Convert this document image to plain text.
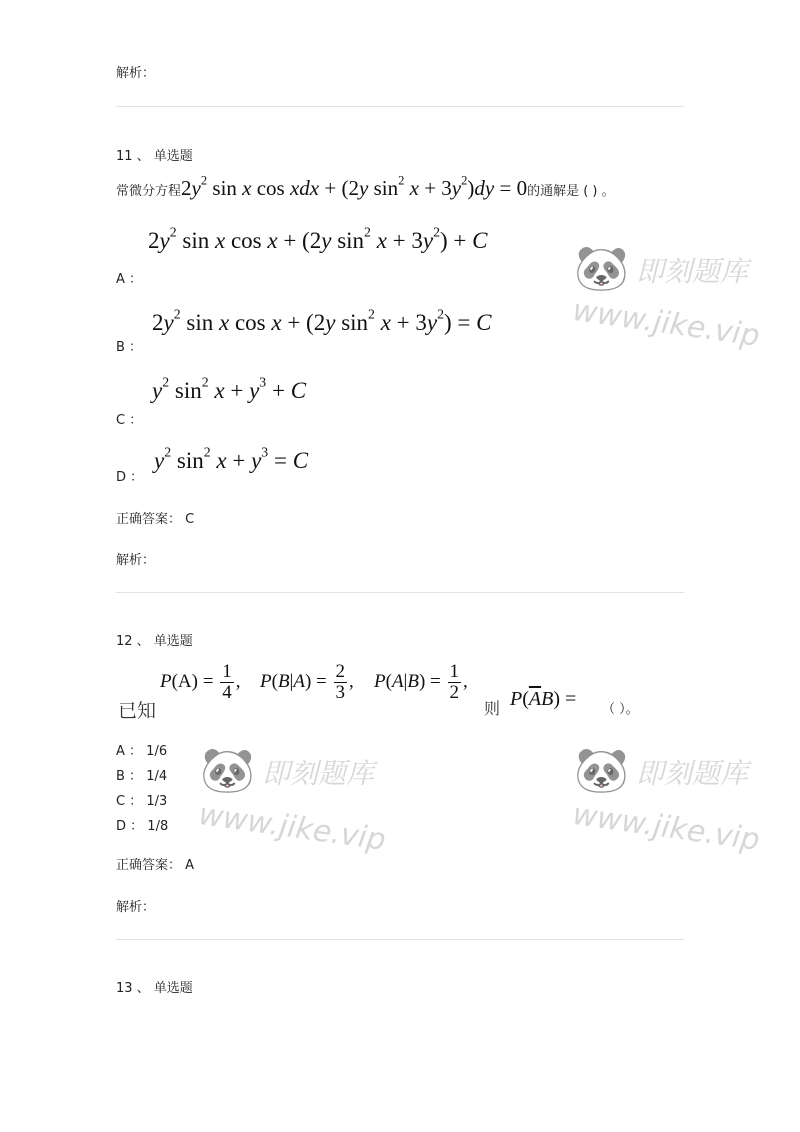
解析：
11 、 单选题
常微分方程$2y^2$ sin x cos xdx + (2y $\sin^2 x + 3y^2)dy = 0$的通解是 ( ) 。
$2y^2$ sin x cos x + (2y $\sin^2 x + 3y^2) + C$
A ：
$2y^2$ sin x cos x + (2y $\sin^2 x + 3y^2) = C$
B ：
$y^2$ $\sin^2 x + y^3 + C$
C ：
D ：
$y^2$ $\sin^2 x + y^3 = C$
正确答案： C
解析：
12 、 单选题
已知
$P(A) = \frac{1}{4}$ , $P(B|A) = \frac{2}{3}$ , $P(A|B) = \frac{1}{2}$ ,
则 $P(\overline{A}B)$ = （ ）。
A ： 1/6
B ： 1/4
C ： 1/3
D ： 1/8
正确答案： A
解析：
13 、 单选题
🐼 即刻题库
www.jike.vip
🐼 即刻题库
www.jike.vip
🐼 即刻题库
www.jike.vip
